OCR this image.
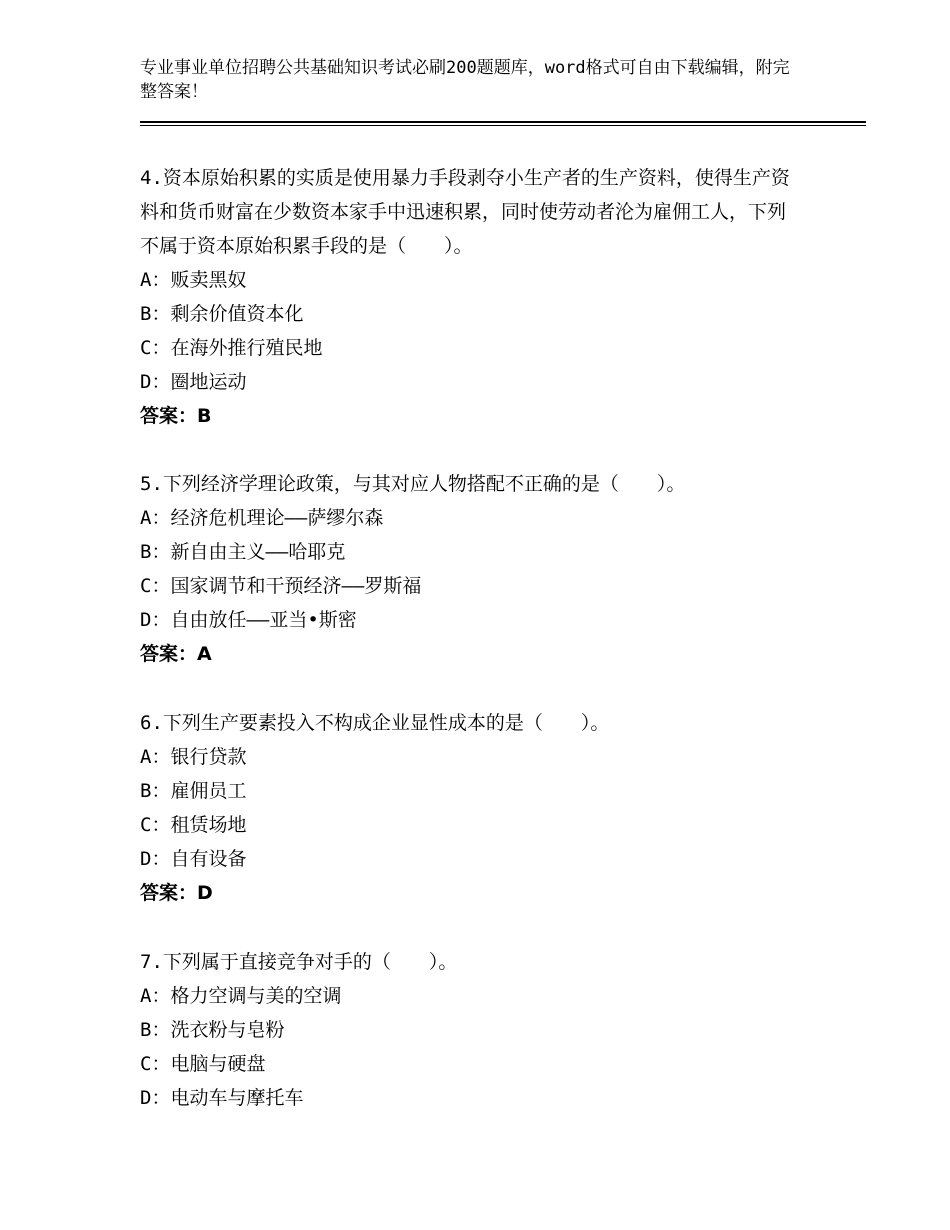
专业事业单位招聘公共基础知识考试必刷200题题库，word格式可自由下载编辑，附完整答案！

4.资本原始积累的实质是使用暴力手段剥夺小生产者的生产资料，使得生产资料和货币财富在少数资本家手中迅速积累，同时使劳动者沦为雇佣工人，下列不属于资本原始积累手段的是（　　）。

A：贩卖黑奴

B：剩余价值资本化

C：在海外推行殖民地

D：圈地运动

答案：B

5.下列经济学理论政策，与其对应人物搭配不正确的是（　　）。

A：经济危机理论——萨缪尔森

B：新自由主义——哈耶克

C：国家调节和干预经济——罗斯福

D：自由放任——亚当•斯密

答案：A

6.下列生产要素投入不构成企业显性成本的是（　　）。

A：银行贷款

B：雇佣员工

C：租赁场地

D：自有设备

答案：D

7.下列属于直接竞争对手的（　　）。

A：格力空调与美的空调

B：洗衣粉与皂粉

C：电脑与硬盘

D：电动车与摩托车
